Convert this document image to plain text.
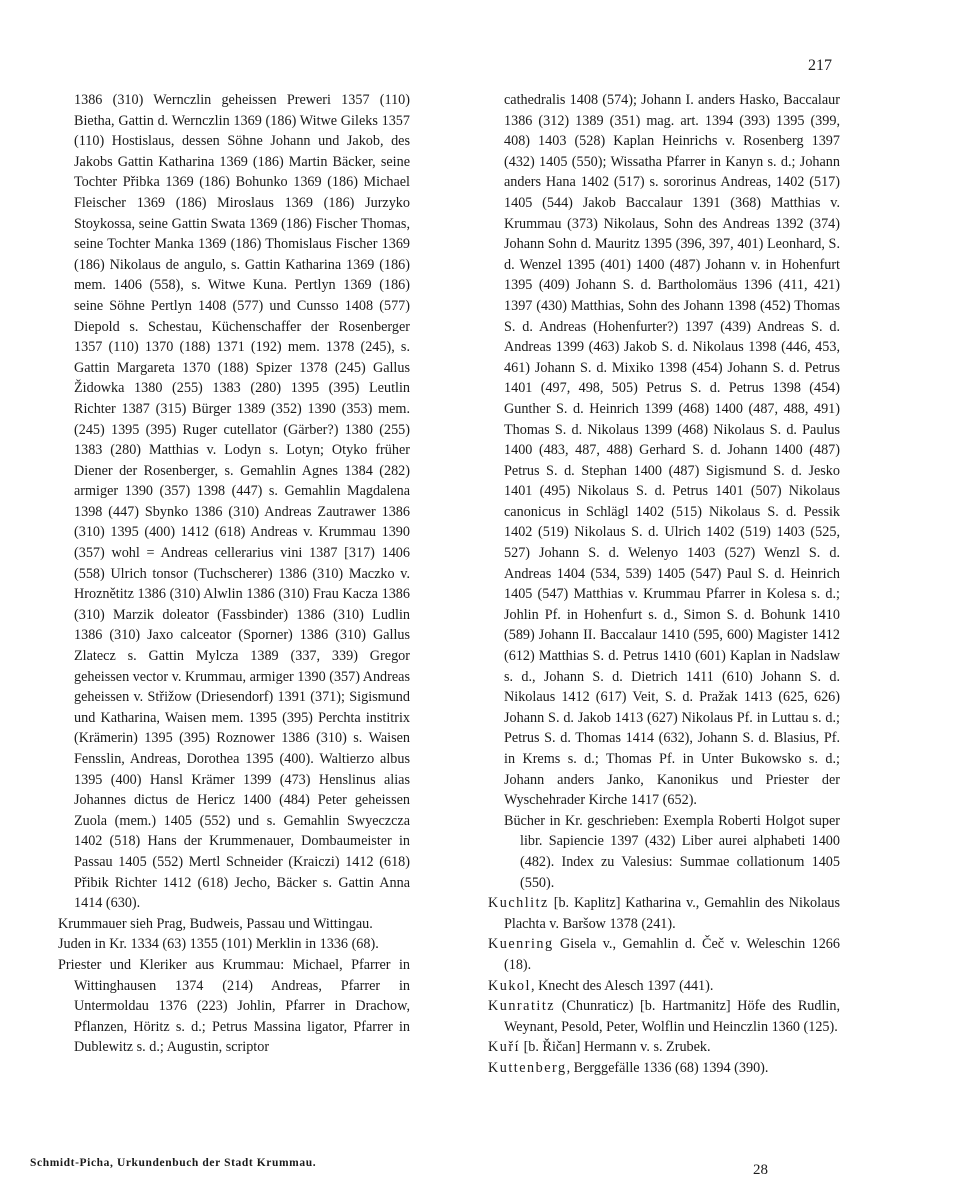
217

1386 (310) Wernczlin geheissen Preweri 1357 (110) Bietha, Gattin d. Wernczlin 1369 (186) Witwe Gileks 1357 (110) Hostislaus, dessen Söhne Johann und Jakob, des Jakobs Gattin Katharina 1369 (186) Martin Bäcker, seine Tochter Přibka 1369 (186) Bohunko 1369 (186) Michael Fleischer 1369 (186) Miroslaus 1369 (186) Jurzyko Stoykossa, seine Gattin Swata 1369 (186) Fischer Thomas, seine Tochter Manka 1369 (186) Thomislaus Fischer 1369 (186) Nikolaus de angulo, s. Gattin Katharina 1369 (186) mem. 1406 (558), s. Witwe Kuna. Pertlyn 1369 (186) seine Söhne Pertlyn 1408 (577) und Cunsso 1408 (577) Diepold s. Schestau, Küchenschaffer der Rosenberger 1357 (110) 1370 (188) 1371 (192) mem. 1378 (245), s. Gattin Margareta 1370 (188) Spizer 1378 (245) Gallus Židowka 1380 (255) 1383 (280) 1395 (395) Leutlin Richter 1387 (315) Bürger 1389 (352) 1390 (353) mem. (245) 1395 (395) Ruger cutellator (Gärber?) 1380 (255) 1383 (280) Matthias v. Lodyn s. Lotyn; Otyko früher Diener der Rosenberger, s. Gemahlin Agnes 1384 (282) armiger 1390 (357) 1398 (447) s. Gemahlin Magdalena 1398 (447) Sbynko 1386 (310) Andreas Zautrawer 1386 (310) 1395 (400) 1412 (618) Andreas v. Krummau 1390 (357) wohl = Andreas cellerarius vini 1387 [317) 1406 (558) Ulrich tonsor (Tuchscherer) 1386 (310) Maczko v. Hroznětitz 1386 (310) Alwlin 1386 (310) Frau Kacza 1386 (310) Marzik doleator (Fassbinder) 1386 (310) Ludlin 1386 (310) Jaxo calceator (Sporner) 1386 (310) Gallus Zlatecz s. Gattin Mylcza 1389 (337, 339) Gregor geheissen vector v. Krummau, armiger 1390 (357) Andreas geheissen v. Střižow (Driesendorf) 1391 (371); Sigismund und Katharina, Waisen mem. 1395 (395) Perchta institrix (Krämerin) 1395 (395) Roznower 1386 (310) s. Waisen Fensslin, Andreas, Dorothea 1395 (400). Waltierzo albus 1395 (400) Hansl Krämer 1399 (473) Henslinus alias Johannes dictus de Hericz 1400 (484) Peter geheissen Zuola (mem.) 1405 (552) und s. Gemahlin Swyeczcza 1402 (518) Hans der Krummenauer, Dombaumeister in Passau 1405 (552) Mertl Schneider (Kraiczi) 1412 (618) Přibik Richter 1412 (618) Jecho, Bäcker s. Gattin Anna 1414 (630).

Krummauer sieh Prag, Budweis, Passau und Wittingau.

Juden in Kr. 1334 (63) 1355 (101) Merklin in 1336 (68).

Priester und Kleriker aus Krummau: Michael, Pfarrer in Wittinghausen 1374 (214) Andreas, Pfarrer in Untermoldau 1376 (223) Johlin, Pfarrer in Drachow, Pflanzen, Höritz s. d.; Petrus Massina ligator, Pfarrer in Dublewitz s. d.; Augustin, scriptor

cathedralis 1408 (574); Johann I. anders Hasko, Baccalaur 1386 (312) 1389 (351) mag. art. 1394 (393) 1395 (399, 408) 1403 (528) Kaplan Heinrichs v. Rosenberg 1397 (432) 1405 (550); Wissatha Pfarrer in Kanyn s. d.; Johann anders Hana 1402 (517) s. sororinus Andreas, 1402 (517) 1405 (544) Jakob Baccalaur 1391 (368) Matthias v. Krummau (373) Nikolaus, Sohn des Andreas 1392 (374) Johann Sohn d. Mauritz 1395 (396, 397, 401) Leonhard, S. d. Wenzel 1395 (401) 1400 (487) Johann v. in Hohenfurt 1395 (409) Johann S. d. Bartholomäus 1396 (411, 421) 1397 (430) Matthias, Sohn des Johann 1398 (452) Thomas S. d. Andreas (Hohenfurter?) 1397 (439) Andreas S. d. Andreas 1399 (463) Jakob S. d. Nikolaus 1398 (446, 453, 461) Johann S. d. Mixiko 1398 (454) Johann S. d. Petrus 1401 (497, 498, 505) Petrus S. d. Petrus 1398 (454) Gunther S. d. Heinrich 1399 (468) 1400 (487, 488, 491) Thomas S. d. Nikolaus 1399 (468) Nikolaus S. d. Paulus 1400 (483, 487, 488) Gerhard S. d. Johann 1400 (487) Petrus S. d. Stephan 1400 (487) Sigismund S. d. Jesko 1401 (495) Nikolaus S. d. Petrus 1401 (507) Nikolaus canonicus in Schlägl 1402 (515) Nikolaus S. d. Pessik 1402 (519) Nikolaus S. d. Ulrich 1402 (519) 1403 (525, 527) Johann S. d. Welenyo 1403 (527) Wenzl S. d. Andreas 1404 (534, 539) 1405 (547) Paul S. d. Heinrich 1405 (547) Matthias v. Krummau Pfarrer in Kolesa s. d.; Johlin Pf. in Hohenfurt s. d., Simon S. d. Bohunk 1410 (589) Johann II. Baccalaur 1410 (595, 600) Magister 1412 (612) Matthias S. d. Petrus 1410 (601) Kaplan in Nadslaw s. d., Johann S. d. Dietrich 1411 (610) Johann S. d. Nikolaus 1412 (617) Veit, S. d. Pražak 1413 (625, 626) Johann S. d. Jakob 1413 (627) Nikolaus Pf. in Luttau s. d.; Petrus S. d. Thomas 1414 (632), Johann S. d. Blasius, Pf. in Krems s. d.; Thomas Pf. in Unter Bukowsko s. d.; Johann anders Janko, Kanonikus und Priester der Wyschehrader Kirche 1417 (652).

Bücher in Kr. geschrieben: Exempla Roberti Holgot super libr. Sapiencie 1397 (432) Liber aurei alphabeti 1400 (482). Index zu Valesius: Summae collationum 1405 (550).

Kuchlitz [b. Kaplitz] Katharina v., Gemahlin des Nikolaus Plachta v. Baršow 1378 (241).

Kuenring Gisela v., Gemahlin d. Čeč v. Weleschin 1266 (18).

Kukol, Knecht des Alesch 1397 (441).

Kunratitz (Chunraticz) [b. Hartmanitz] Höfe des Rudlin, Weynant, Pesold, Peter, Wolflin und Heinczlin 1360 (125).

Kuří [b. Řičan] Hermann v. s. Zrubek.

Kuttenberg, Berggefälle 1336 (68) 1394 (390).

Schmidt-Picha, Urkundenbuch der Stadt Krummau.	28
